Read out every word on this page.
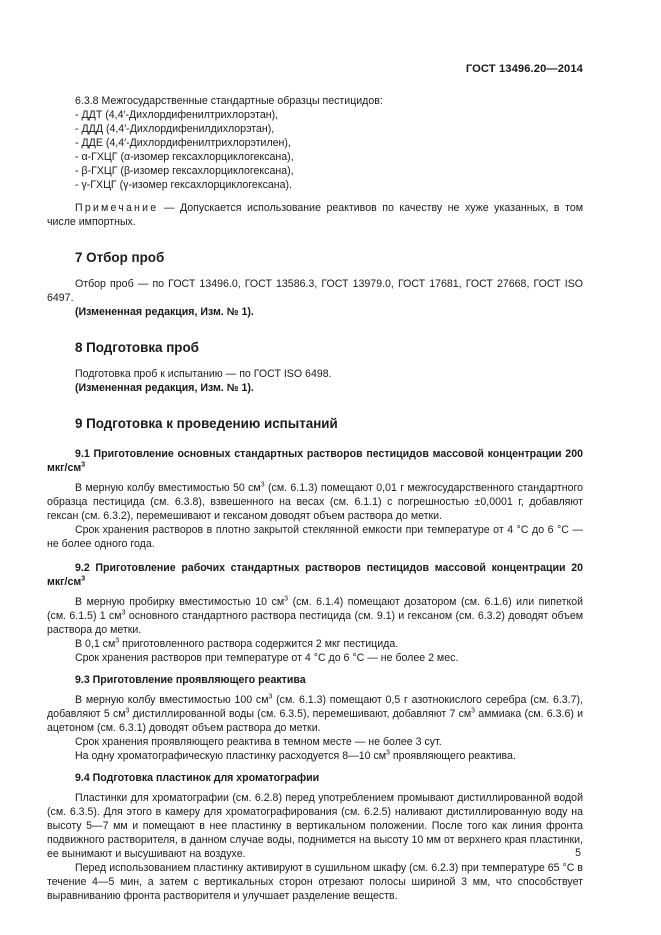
ГОСТ 13496.20—2014

6.3.8 Межгосударственные стандартные образцы пестицидов:

- ДДТ (4,4′-Дихлордифенилтрихлорэтан),
- ДДД (4,4′-Дихлордифенилдихлорэтан),
- ДДЕ (4,4′-Дихлордифенилтрихлорэтилен),
- α-ГХЦГ (α-изомер гексахлорциклогексана),
- β-ГХЦГ (β-изомер гексахлорциклогексана),
- γ-ГХЦГ (γ-изомер гексахлорциклогексана).

Примечание — Допускается использование реактивов по качеству не хуже указанных, в том числе импортных.

7 Отбор проб

Отбор проб — по ГОСТ 13496.0, ГОСТ 13586.3, ГОСТ 13979.0, ГОСТ 17681, ГОСТ 27668, ГОСТ ISO 6497.

(Измененная редакция, Изм. № 1).

8 Подготовка проб

Подготовка проб к испытанию — по ГОСТ ISO 6498.

(Измененная редакция, Изм. № 1).

9 Подготовка к проведению испытаний

9.1 Приготовление основных стандартных растворов пестицидов массовой концентрации 200 мкг/$см^3$

В мерную колбу вместимостью 50 $см^3$ (см. 6.1.3) помещают 0,01 г межгосударственного стандартного образца пестицида (см. 6.3.8), взвешенного на весах (см. 6.1.1) с погрешностью ±0,0001 г, добавляют гексан (см. 6.3.2), перемешивают и гексаном доводят объем раствора до метки.

Срок хранения растворов в плотно закрытой стеклянной емкости при температуре от 4 °С до 6 °С — не более одного года.

9.2 Приготовление рабочих стандартных растворов пестицидов массовой концентрации 20 мкг/$см^3$

В мерную пробирку вместимостью 10 $см^3$ (см. 6.1.4) помещают дозатором (см. 6.1.6) или пипеткой (см. 6.1.5) 1 $см^3$ основного стандартного раствора пестицида (см. 9.1) и гексаном (см. 6.3.2) доводят объем раствора до метки.

В 0,1 $см^3$ приготовленного раствора содержится 2 мкг пестицида.

Срок хранения растворов при температуре от 4 °С до 6 °С — не более 2 мес.

9.3 Приготовление проявляющего реактива

В мерную колбу вместимостью 100 $см^3$ (см. 6.1.3) помещают 0,5 г азотнокислого серебра (см. 6.3.7), добавляют 5 $см^3$ дистиллированной воды (см. 6.3.5), перемешивают, добавляют 7 $см^3$ аммиака (см. 6.3.6) и ацетоном (см. 6.3.1) доводят объем раствора до метки.

Срок хранения проявляющего реактива в темном месте — не более 3 сут.

На одну хроматографическую пластинку расходуется 8—10 $см^3$ проявляющего реактива.

9.4 Подготовка пластинок для хроматографии

Пластинки для хроматографии (см. 6.2.8) перед употреблением промывают дистиллированной водой (см. 6.3.5). Для этого в камеру для хроматографирования (см. 6.2.5) наливают дистиллированную воду на высоту 5—7 мм и помещают в нее пластинку в вертикальном положении. После того как линия фронта подвижного растворителя, в данном случае воды, поднимется на высоту 10 мм от верхнего края пластинки, ее вынимают и высушивают на воздухе.

Перед использованием пластинку активируют в сушильном шкафу (см. 6.2.3) при температуре 65 °С в течение 4—5 мин, а затем с вертикальных сторон отрезают полосы шириной 3 мм, что способствует выравниванию фронта растворителя и улучшает разделение веществ.

5
